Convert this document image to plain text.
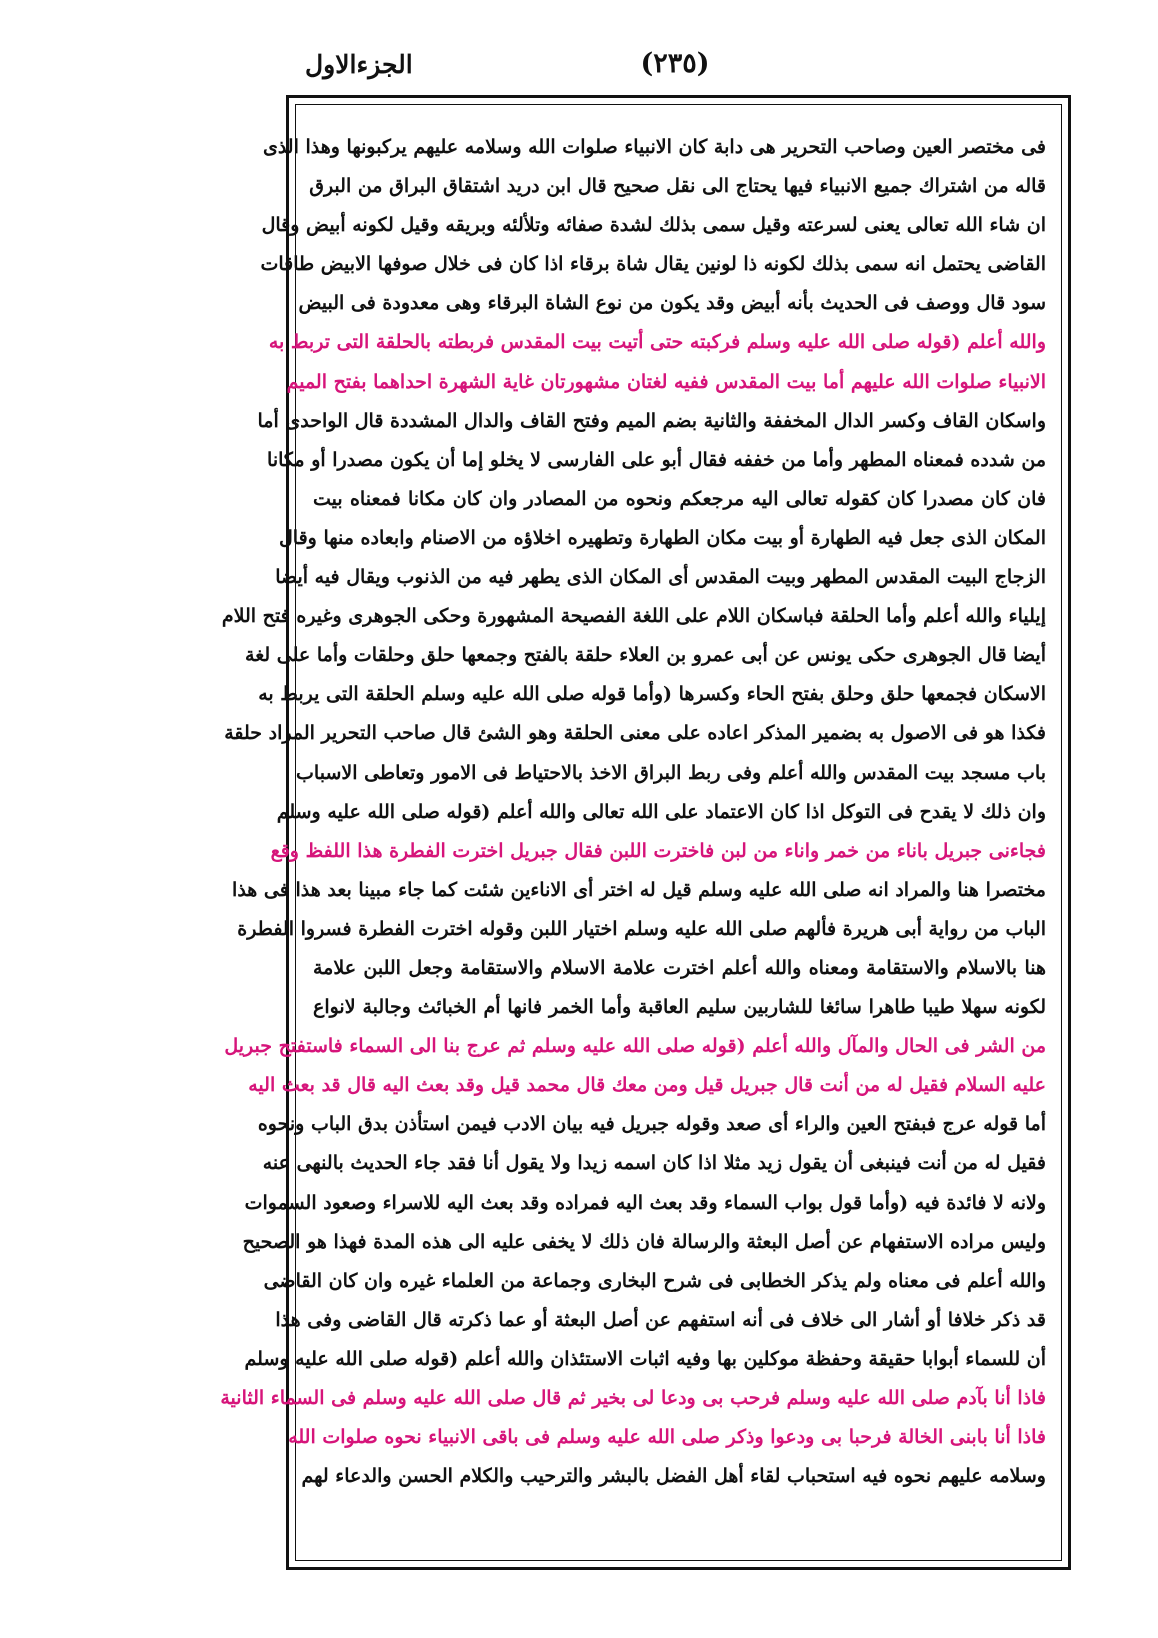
(٢٣٥)
الجزءالاول
فى مختصر العين وصاحب التحرير هى دابة كان الانبياء صلوات الله وسلامه عليهم يركبونها وهذا الذى
قاله من اشتراك جميع الانبياء فيها يحتاج الى نقل صحيح قال ابن دريد اشتقاق البراق من البرق
ان شاء الله تعالى يعنى لسرعته وقيل سمى بذلك لشدة صفائه وتلألئه وبريقه وقيل لكونه أبيض وقال
القاضى يحتمل انه سمى بذلك لكونه ذا لونين يقال شاة برقاء اذا كان فى خلال صوفها الابيض طاقات
سود قال ووصف فى الحديث بأنه أبيض وقد يكون من نوع الشاة البرقاء وهى معدودة فى البيض
والله أعلم (قوله صلى الله عليه وسلم فركبته حتى أتيت بيت المقدس فربطته بالحلقة التى تربط به
الانبياء صلوات الله عليهم أما بيت المقدس ففيه لغتان مشهورتان غاية الشهرة احداهما بفتح الميم
واسكان القاف وكسر الدال المخففة والثانية بضم الميم وفتح القاف والدال المشددة قال الواحدى أما
من شدده فمعناه المطهر وأما من خففه فقال أبو على الفارسى لا يخلو إما أن يكون مصدرا أو مكانا
فان كان مصدرا كان كقوله تعالى اليه مرجعكم ونحوه من المصادر وان كان مكانا فمعناه بيت
المكان الذى جعل فيه الطهارة أو بيت مكان الطهارة وتطهيره اخلاؤه من الاصنام وابعاده منها وقال
الزجاج البيت المقدس المطهر وبيت المقدس أى المكان الذى يطهر فيه من الذنوب ويقال فيه أيضا
إيلياء والله أعلم وأما الحلقة فباسكان اللام على اللغة الفصيحة المشهورة وحكى الجوهرى وغيره فتح اللام
أيضا قال الجوهرى حكى يونس عن أبى عمرو بن العلاء حلقة بالفتح وجمعها حلق وحلقات وأما على لغة
الاسكان فجمعها حلق وحلق بفتح الحاء وكسرها (وأما قوله صلى الله عليه وسلم الحلقة التى يربط به
فكذا هو فى الاصول به بضمير المذكر اعاده على معنى الحلقة وهو الشئ قال صاحب التحرير المراد حلقة
باب مسجد بيت المقدس والله أعلم وفى ربط البراق الاخذ بالاحتياط فى الامور وتعاطى الاسباب
وان ذلك لا يقدح فى التوكل اذا كان الاعتماد على الله تعالى والله أعلم (قوله صلى الله عليه وسلم
فجاءنى جبريل باناء من خمر واناء من لبن فاخترت اللبن فقال جبريل اخترت الفطرة هذا اللفظ وقع
مختصرا هنا والمراد انه صلى الله عليه وسلم قيل له اختر أى الاناءين شئت كما جاء مبينا بعد هذا فى هذا
الباب من رواية أبى هريرة فألهم صلى الله عليه وسلم اختيار اللبن وقوله اخترت الفطرة فسروا الفطرة
هنا بالاسلام والاستقامة ومعناه والله أعلم اخترت علامة الاسلام والاستقامة وجعل اللبن علامة
لكونه سهلا طيبا طاهرا سائغا للشاربين سليم العاقبة وأما الخمر فانها أم الخبائث وجالبة لانواع
من الشر فى الحال والمآل والله أعلم (قوله صلى الله عليه وسلم ثم عرج بنا الى السماء فاستفتح جبريل
عليه السلام فقيل له من أنت قال جبريل قيل ومن معك قال محمد قيل وقد بعث اليه قال قد بعث اليه
أما قوله عرج فبفتح العين والراء أى صعد وقوله جبريل فيه بيان الادب فيمن استأذن بدق الباب ونحوه
فقيل له من أنت فينبغى أن يقول زيد مثلا اذا كان اسمه زيدا ولا يقول أنا فقد جاء الحديث بالنهى عنه
ولانه لا فائدة فيه (وأما قول بواب السماء وقد بعث اليه فمراده وقد بعث اليه للاسراء وصعود السموات
وليس مراده الاستفهام عن أصل البعثة والرسالة فان ذلك لا يخفى عليه الى هذه المدة فهذا هو الصحيح
والله أعلم فى معناه ولم يذكر الخطابى فى شرح البخارى وجماعة من العلماء غيره وان كان القاضى
قد ذكر خلافا أو أشار الى خلاف فى أنه استفهم عن أصل البعثة أو عما ذكرته قال القاضى وفى هذا
أن للسماء أبوابا حقيقة وحفظة موكلين بها وفيه اثبات الاستئذان والله أعلم (قوله صلى الله عليه وسلم
فاذا أنا بآدم صلى الله عليه وسلم فرحب بى ودعا لى بخير ثم قال صلى الله عليه وسلم فى السماء الثانية
فاذا أنا بابنى الخالة فرحبا بى ودعوا وذكر صلى الله عليه وسلم فى باقى الانبياء نحوه صلوات الله
وسلامه عليهم نحوه فيه استحباب لقاء أهل الفضل بالبشر والترحيب والكلام الحسن والدعاء لهم
